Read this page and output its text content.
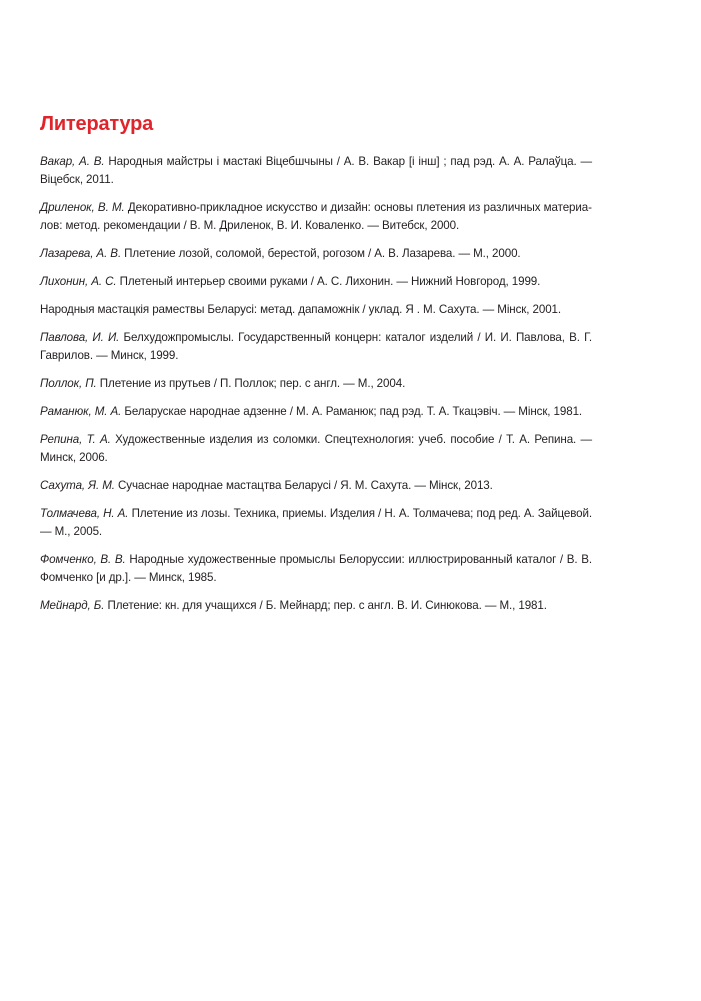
Литература
Вакар, А. В. Народныя майстры і мастакі Віцебшчыны / А. В. Вакар [і інш] ; пад рэд. А. А. Ралаўца. — Віцебск, 2011.
Дриленок, В. М. Декоративно-прикладное искусство и дизайн: основы плетения из различных материалов: метод. рекомендации / В. М. Дриленок, В. И. Коваленко. — Витебск, 2000.
Лазарева, А. В. Плетение лозой, соломой, берестой, рогозом / А. В. Лазарева. — М., 2000.
Лихонин, А. С. Плетеный интерьер своими руками / А. С. Лихонин. — Нижний Новгород, 1999.
Народныя мастацкія рамествы Беларусі: метад. дапаможнік / уклад. Я . М. Сахута. — Мінск, 2001.
Павлова, И. И. Белхудожпромыслы. Государственный концерн: каталог изделий / И. И. Павлова, В. Г. Гаврилов. — Минск, 1999.
Поллок, П. Плетение из прутьев / П. Поллок; пер. с англ. — М., 2004.
Раманюк, М. А. Беларускае народнае адзенне / М. А. Раманюк; пад рэд. Т. А. Ткацэвіч. — Мінск, 1981.
Репина, Т. А. Художественные изделия из соломки. Спецтехнология: учеб. пособие / Т. А. Репина. — Минск, 2006.
Сахута, Я. М. Сучаснае народнае мастацтва Беларусі / Я. М. Сахута. — Мінск, 2013.
Толмачева, Н. А. Плетение из лозы. Техника, приемы. Изделия / Н. А. Толмачева; под ред. А. Зайцевой. — М., 2005.
Фомченко, В. В. Народные художественные промыслы Белоруссии: иллюстрированный каталог / В. В. Фомченко [и др.]. — Минск, 1985.
Мейнард, Б. Плетение: кн. для учащихся / Б. Мейнард; пер. с англ. В. И. Синюкова. — М., 1981.
